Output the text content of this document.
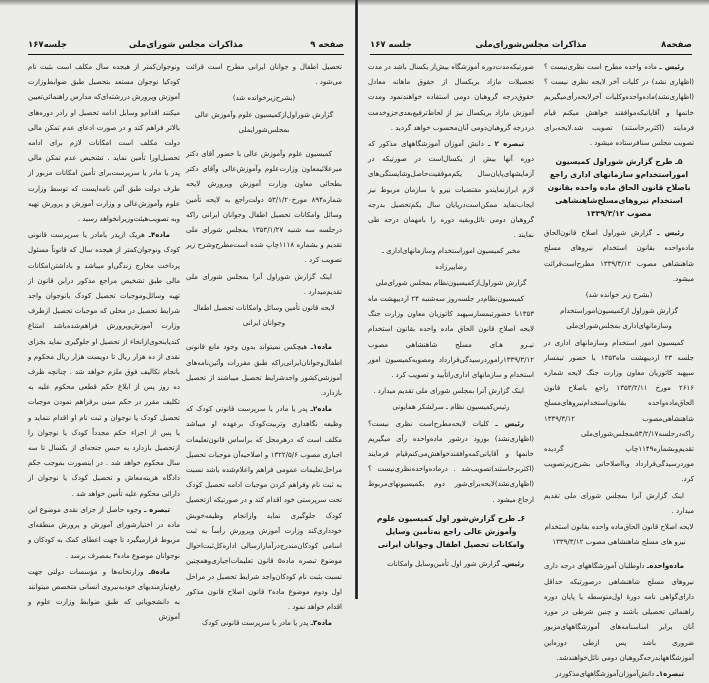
جلسه۱۶۷	مذاکرات مجلس شورای‌ملی	صفحه ۹

تحصیل اطفال و جوانان ایرانی مطرح است قرائت می‌شود .

(بشرح‌زیرخوانده شد)

گزارش شوراول‌ازکمیسیون علوم وآموزش عالی بمجلس‌شورایملی

کمیسیون علوم وآموزش عالی با حضور آقای دکتر میرعلائیمعاون وزارت‌علوم وآموزش‌عالی وآقای دکتر بطحائی معاون وزارت آموزش وپرورش لایحه شماره۸۹۴ مورخ۵۳/۱/۲۰ دولت‌راجع به لایحه تأمین وسائل وامکانات تحصیل اطفال وجوانان ایرانی راکه درجلسه سه شنبه ۱۳۵۳/۱/۲۷ بمجلس شورای ملی تقدیم و بشماره ۱۱۱۸چاپ شده است‌مطرح‌وشرح زیر تصویب کرد .

اینک گزارش شوراول آنرا بمجلس شورای ملی تقدیم‌میدارد .

لایحه قانون تأمین وسائل وامکانات تحصیل اطفال وجوانان ایرانی

ماده۱ـ هیچکس نمیتواند بدون وجود مانع قانونی اطفال‌وجوانان‌ایرانی‌راکه طبق مقررات وآئین‌نامه‌های آموزشی‌کشور واجدشرایط تحصیل میباشند از تحصیل بازدارد.

ماده۲ـ پدر یا مادر یا سرپرست قانونی کودک که وظیفه نگاهداری وتربیت‌کودک برعهده او میباشد مکلف است که درهرمحل که براساس قانون‌تعلیمات اجباری مصوب ۱۳۲۲/۵/۶ و اصلاحیه‌آن موجبات تحصیل مراحل‌تعلیمات عمومی فراهم واعلام‌شده باشد نسبت به ثبت نام وفراهم کردن موجبات ادامه تحصیل کودک تحت سرپرستی خود اقدام کند و در صورتیکه ازتحصیل کودک جلوگیری نماید وازانجام وظیفه‌خویش خودداری‌کند وزارت آموزش وپرورش رأساً به ثبت اسامی کودکان‌مندرج‌درآمارارسالی اداره‌کل‌ثبت‌احوال موضوع تبصره ماده۵ قانون تعلیمات‌اجباری‌وهمچنین نسبت بثبت نام کودکان‌واجد شرایط تحصیل در مراحل اول ودوم موضوع ماده۲ قانون اصلاح قانون مذکور اقدام خواهد نمود .

ماده۳ـ پدر یا مادر یا سرپرست قانونی کودک

ونوجوان‌کمتر از هیجده سال مکلف است بثبت نام کودکیا نوجوان مستعد بتحصیل طبق ضوابط‌وزارت آموزش وپرورش دررشته‌ای‌که مدارس راهنمائی‌تعیین میکنند اقدام‌و وسایل ادامه تحصیل او رادر دوره‌های بالاتر فراهم کند و در صورت ادعای عدم تمکن مالی دولت مکلف است امکانات لازم برای ادامه تحصیل‌اورا تأمین نماید . تشخیص عدم تمکن مالی پدر یا مادر یا سرپرست‌برای تأمین امکانات مزبور از طرف دولت طبق آئین نامه‌ایست که توسط وزارت علوم وآموزش‌عالی و وزارت آموزش و پرورش تهیه وبه تصویب‌هیئت‌وزیرانخواهد رسید .

ماده۴ـ هریک ازپدر یامادر یا سرپرست قانونی کودک ونوجوان‌کمتر از هیجده سال که قانوناً مسئول پرداخت مخارج زندگی‌او میباشد و باداشتن‌امکانات مالی طبق تشخیص مراجع مذکور دراین قانون از تهیه وسائل‌وموجبات تحصیل کودک یانوجوان واجد شرایط تحصیل در محلی که موجبات تحصیل ازطرف وزارت آموزش‌وپرورش فراهم‌شده‌باشد امتناع کندیابنحوی‌ازانحاء از تحصیل او جلوگیری نماید بجزای نقدی از ده هزار ریال تا دویست هزار ریال محکوم و بانجام تکالیف فوق ملزم خواهد شد . چنانچه ظرف ده روز پس از ابلاغ حکم قطعی محکوم علیه به تکلیف مقرر در حکم مبنی برفراهم نمودن موجبات تحصیل کودک یا نوجوان و ثبت نام او اقدام ننماید و یا پس از اجراء حکم مجدداً کودک یا نوجوان را ازتحصیل بازدارد به حبس جنحه‌ای از یکسال تا سه سال محکوم خواهد شد . در اینصورت بموجب حکم دادگاه هزینه‌معاش و تحصیل کودک یا نوجوان از دارائی محکوم علیه تأمین خواهد شد .

تبصره ـ وجوه حاصل از جزای نقدی موضوع این ماده در اختیارشورای آموزش و پرورش منطقه‌ای مربوط قرارمیگیرد تا جهت اعطای کمک به کودکان و نوجوانان موضوع ماده۳ بمصرف برسد .

ماده۵ـ وزارتخانه‌ها و مؤسسات دولتی جهت رفع‌نیازمندیهای خودبه‌نیروی انسانی متخصص میتوانند به دانشجویانی که طبق ضوابط وزارت علوم و آموزش

جلسه ۱۶۷	مذاکرات مجلس‌شورای‌ملی	صفحه۸

رئیس ـ ماده واحده مطرح است نظری‌نیست ؟ (اظهاری نشد) در کلیات آخر لایحه نظری نیست ؟ (اظهاری‌نشد)ماده‌واحده‌وکلیات آخرلایحه‌رأی‌میگیریم خانمها و آقایانیکه‌موافقند خواهش میکنم قیام فرمایند (اکثربرخاستند) تصویب شد.لایحه‌برای تصویب مجلس سنافرستاده میشود .

۵ـ طرح گزارش شوراول کمیسیون اموراستخدام‌و سازمانهای اداری راجع باصلاح قانون الحاق ماده واحده بقانون استخدام نیروهای‌مسلح‌شاهنشاهی مصوب ۱۳۳۹/۳/۱۲

رئیس ـ گزارش شوراول اصلاح قانون‌الحاق ماده‌واحده بقانون استخدام نیروهای مسلح شاهنشاهی مصوب ۱۳۳۹/۳/۱۲ مطرح‌است‌قرائت میشود.

(بشرح زیر خوانده شد)

گزارش شوراول ازکمیسیون‌اموراستخدام وسازمانهای‌اداری بمجلس‌شورای‌ملی

کمیسیون امور استخدام وسازمانهای اداری در جلسه ۲۳ اردیبهشت ماه۱۳۵۳ با حضور تیمسار سپهبد کاتوزیان معاون وزارت جنگ لایحه شماره ۲۶۱۶ مورخ ۱۳۵۳/۲/۱۱ راجع باصلاح قانون الحاق‌ماده‌واحده بقانون‌استخدام‌نیروهای‌مسلح شاهنشاهی‌مصوب ۱۳۳۹/۳/۱۲ راکه‌درجلسه۵۳/۲/۱۷بمجلس‌شورای‌ملی تقدیم‌وبشماره۱۱۴۹چاپ گردیده موردرسیدگی‌قرارداد وبااصلاحاتی بشرح‌زیرتصویب کرد.

اینک گزارش آنرا بمجلس شورای ملی تقدیم میدارد .

لایحه اصلاح قانون الحاق‌ماده واحده بقانون استخدام نیرو های مسلح شاهنشاهی مصوب ۱۳۳۹/۳/۱۲

ماده‌واحده‌ـ داوطلبان آموزشگاههای درجه داری نیروهای مسلح شاهنشاهی درصورتیکه حداقل دارای‌گواهی نامه دورهٔ اول‌متوسطه یا پایان دوره راهنمائی تحصیلی باشند و چنین شرطی در مورد آنان برابر اساسنامه‌های آموزشگاههای‌مزبور ضروری باشد پس ازطی دوره‌این آموزشگاهها‌بدرجه‌گروهبان دومی نائل‌خواهندشد.

تبصره۱ـ دانش‌آموزان‌آموزشگاههای‌مذکوردر

صورتیکه‌مدت‌دوره آموزشگاه بیش‌از یکسال باشد در مدت تحصیلات مازاد بریکسال از حقوق ماهانه معادل حقوق‌درجه گروهبان دومی استفاده خواهندنمود ومدت آموزش مازاد بریکسال نیز از لحاظ‌ترفیع‌بعدی‌جزوخدمت دردرجه گروهبان‌دومی آنان‌محسوب خواهد گردید .

تبصره ۲ ـ دانش آموزان آموزشگاههای مذکور که دوره آنها بیش از یکسال‌است در صورتیکه در آزمایشهای‌پایان‌سال یکم‌موفقیت‌حاصل‌وشایستگی‌های لازم ابرازنمایندو مقتضیات نیرو یا سازمان مربوط نیز ایجاب‌نماید ممکن‌است‌درپایان سال یکم‌تحصیل بدرجه گروهبان دومی نائل‌وبقیه دوره را بامهمان درجه طی نمایند .

مخبر کمیسیون اموراستخدام وسازمانهای‌اداری ـ رضاپیرزاده

گزارش شوراول‌ازکمیسیون‌نظام بمجلس شورای‌ملی

کمیسیون‌نظام‌در جلسه‌روز سه‌شنبه ۲۴ اردیبهشت ماه ۱۳۵۳با حضورتیمسارسپهبد کاتوزیان معاون وزارت جنگ لایحه اصلاح قانون الحاق ماده واحده بقانون استخدام نیـرو هـای مسلح شاهنشاهی مصوب ۱۳۳۹/۳/۱۲رامورد‌رسیدگی‌قرارداد ومصوبه‌کمیسیون امور استخدام و سازمانهای اداری‌راتأیید و تصویب کرد .

اینک گزارش آنرا بمجلس شورای ملی تقدیم میدارد .

رئیس‌کمیسیون نظام ـ سرلشکر همایونی

رئیس ـ کلیات لایحه‌مطرح‌است نظری نیست؟ (اظهاری‌نشد) بورود درشور ماده‌واحده رأی میگیریم خانمها و آقایانی‌کمه‌وافقندخواهش‌می‌کنم‌قیام فرمایند (اکثربرخاستند)تصویب‌شد . درماده‌واحده‌نظری‌نیست ؟ (اظهاری‌نشد)لایحه‌برای‌شور دوم بکمیسیونهای‌مربوط ارجاع میشود .

۶ـ طرح گزارش‌شور اول کمیسیون علوم وآموزش عالی راجع به‌تأمین وسایل وامکانات تحصیل اطفال وجوانان ایرانی

رئیس‌ـ گزارش شور اول تأمین‌وسایل وامکانات
